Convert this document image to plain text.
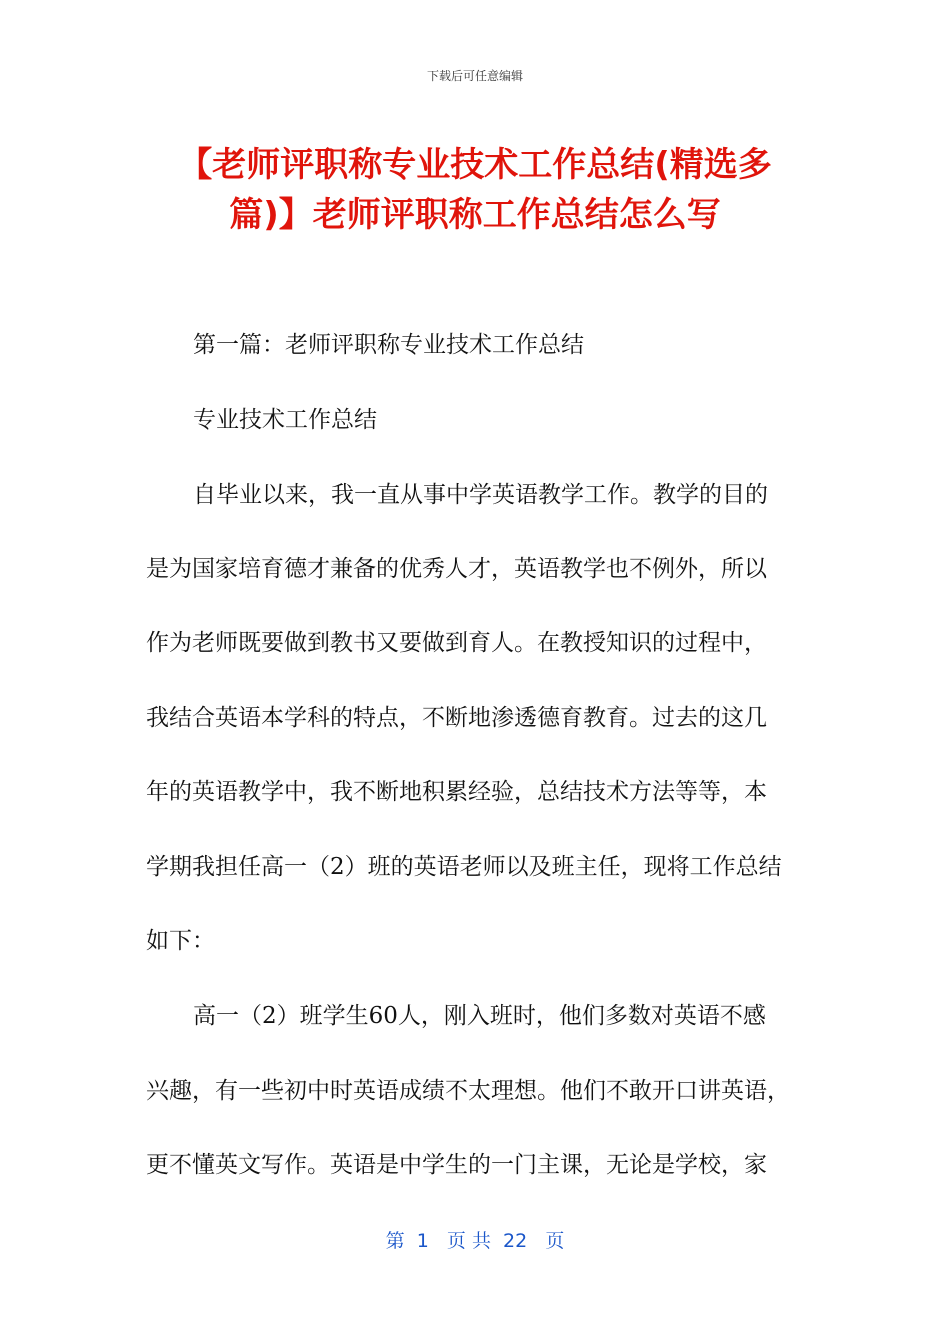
下载后可任意编辑
【老师评职称专业技术工作总结(精选多
篇)】老师评职称工作总结怎么写
第一篇：老师评职称专业技术工作总结
专业技术工作总结
自毕业以来，我一直从事中学英语教学工作。教学的目的
是为国家培育德才兼备的优秀人才，英语教学也不例外，所以
作为老师既要做到教书又要做到育人。在教授知识的过程中，
我结合英语本学科的特点，不断地渗透德育教育。过去的这几
年的英语教学中，我不断地积累经验，总结技术方法等等，本
学期我担任高一（2）班的英语老师以及班主任，现将工作总结
如下：
高一（2）班学生60人，刚入班时，他们多数对英语不感
兴趣，有一些初中时英语成绩不太理想。他们不敢开口讲英语，
更不懂英文写作。英语是中学生的一门主课，无论是学校，家
第  1   页 共  22   页
